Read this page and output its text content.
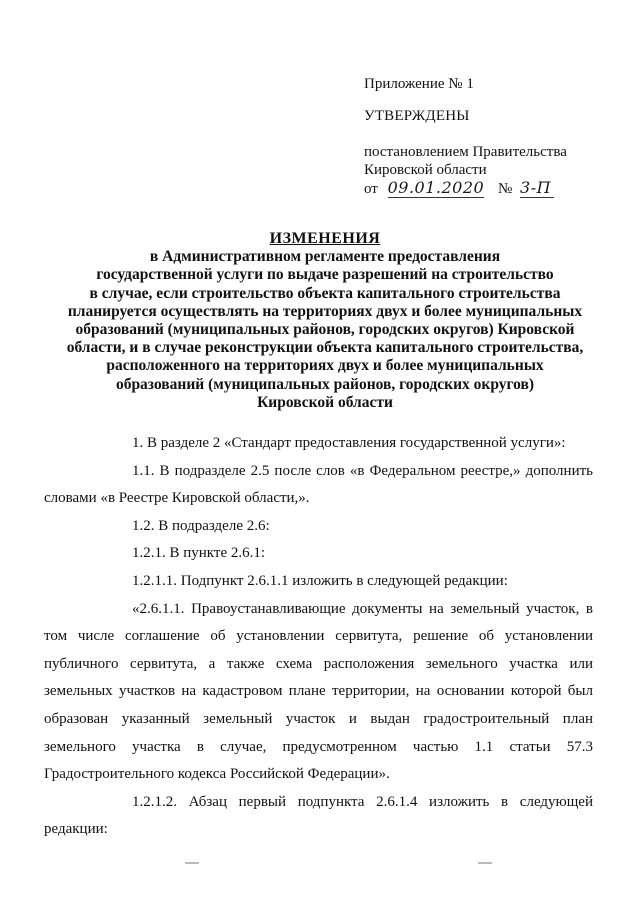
Приложение № 1
УТВЕРЖДЕНЫ
постановлением Правительства
Кировской области
от 09.01.2020 № 3-П
ИЗМЕНЕНИЯ
в Административном регламенте предоставления
государственной услуги по выдаче разрешений на строительство
в случае, если строительство объекта капитального строительства
планируется осуществлять на территориях двух и более муниципальных
образований (муниципальных районов, городских округов) Кировской
области, и в случае реконструкции объекта капитального строительства,
расположенного на территориях двух и более муниципальных
образований (муниципальных районов, городских округов)
Кировской области

1. В разделе 2 «Стандарт предоставления государственной услуги»:

1.1. В подразделе 2.5 после слов «в Федеральном реестре,» дополнить словами «в Реестре Кировской области,».

1.2. В подразделе 2.6:

1.2.1. В пункте 2.6.1:

1.2.1.1. Подпункт 2.6.1.1 изложить в следующей редакции:

«2.6.1.1. Правоустанавливающие документы на земельный участок, в том числе соглашение об установлении сервитута, решение об установлении публичного сервитута, а также схема расположения земельного участка или земельных участков на кадастровом плане территории, на основании которой был образован указанный земельный участок и выдан градостроительный план земельного участка в случае, предусмотренном частью 1.1 статьи 57.3 Градостроительного кодекса Российской Федерации».

1.2.1.2. Абзац первый подпункта 2.6.1.4 изложить в следующей редакции:
